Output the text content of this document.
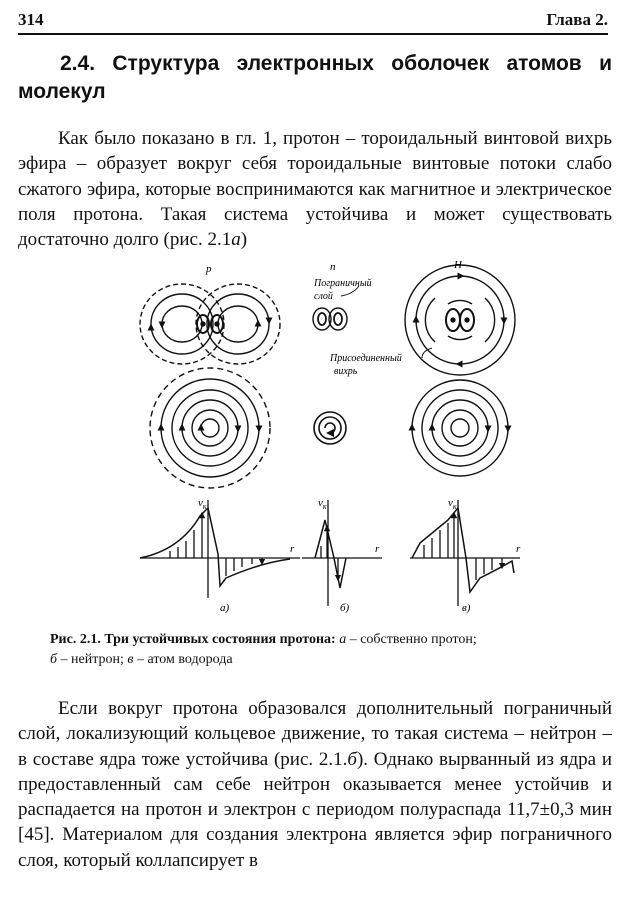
314	Глава 2.
2.4. Структура электронных оболочек атомов и молекул

Как было показано в гл. 1, протон – тороидальный винтовой вихрь эфира – образует вокруг себя тороидальные винтовые потоки слабо сжатого эфира, которые воспринимаются как магнитное и электрическое поля протона. Такая система устойчива и может существовать достаточно долго (рис. 2.1а)

p	n
Пограничный
слой
H
Присоединенный
вихрь
$v_к$
r
а)
$v_к$
r
б)
$v_к$
r
в)
Рис. 2.1. Три устойчивых состояния протона: а – собственно протон;
б – нейтрон; в – атом водорода

Если вокруг протона образовался дополнительный пограничный слой, локализующий кольцевое движение, то такая система – нейтрон – в составе ядра тоже устойчива (рис. 2.1.б). Однако вырванный из ядра и предоставленный сам себе нейтрон оказывается менее устойчив и распадается на протон и электрон с периодом полураспада 11,7±0,3 мин [45]. Материалом для создания электрона является эфир пограничного слоя, который коллапсирует в
